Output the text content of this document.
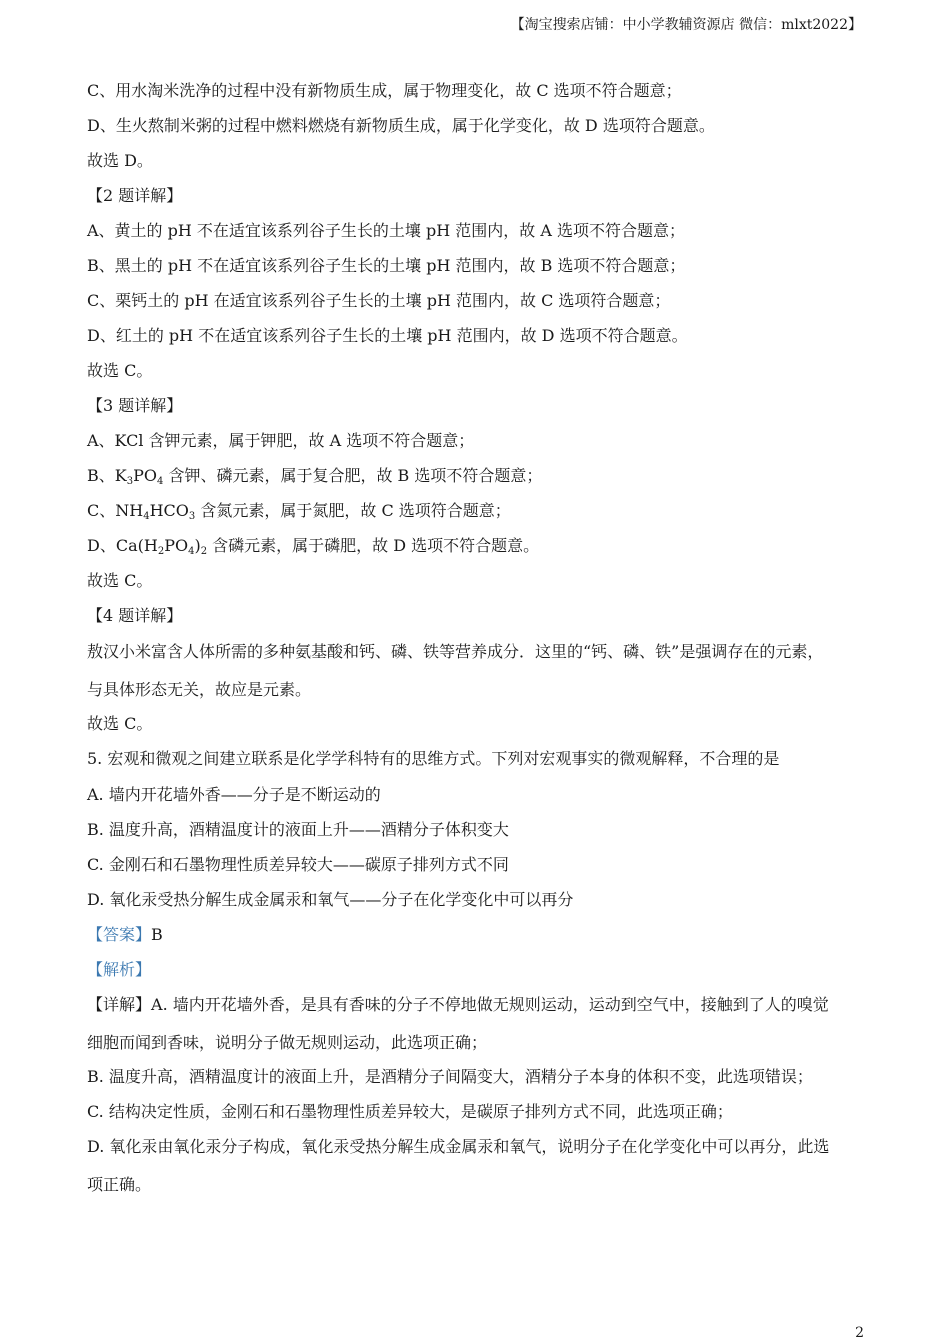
【淘宝搜索店铺：中小学教辅资源店 微信：mlxt2022】
C、用水淘米洗净的过程中没有新物质生成，属于物理变化，故 C 选项不符合题意；
D、生火熬制米粥的过程中燃料燃烧有新物质生成，属于化学变化，故 D 选项符合题意。
故选 D。
【2 题详解】
A、黄土的 pH 不在适宜该系列谷子生长的土壤 pH 范围内，故 A 选项不符合题意；
B、黑土的 pH 不在适宜该系列谷子生长的土壤 pH 范围内，故 B 选项不符合题意；
C、栗钙土的 pH 在适宜该系列谷子生长的土壤 pH 范围内，故 C 选项符合题意；
D、红土的 pH 不在适宜该系列谷子生长的土壤 pH 范围内，故 D 选项不符合题意。
故选 C。
【3 题详解】
A、KCl 含钾元素，属于钾肥，故 A 选项不符合题意；
B、$K_3PO_4$ 含钾、磷元素，属于复合肥，故 B 选项不符合题意；
C、$NH_4HCO_3$ 含氮元素，属于氮肥，故 C 选项符合题意；
D、$Ca(H_2PO_4)_2$ 含磷元素，属于磷肥，故 D 选项不符合题意。
故选 C。
【4 题详解】
敖汉小米富含人体所需的多种氨基酸和钙、磷、铁等营养成分．这里的“钙、磷、铁”是强调存在的元素，
与具体形态无关，故应是元素。
故选 C。
5. 宏观和微观之间建立联系是化学学科特有的思维方式。下列对宏观事实的微观解释，不合理的是
A. 墙内开花墙外香——分子是不断运动的
B. 温度升高，酒精温度计的液面上升——酒精分子体积变大
C. 金刚石和石墨物理性质差异较大——碳原子排列方式不同
D. 氧化汞受热分解生成金属汞和氧气——分子在化学变化中可以再分
【答案】B
【解析】
【详解】A. 墙内开花墙外香，是具有香味的分子不停地做无规则运动，运动到空气中，接触到了人的嗅觉
细胞而闻到香味，说明分子做无规则运动，此选项正确；
B. 温度升高，酒精温度计的液面上升，是酒精分子间隔变大，酒精分子本身的体积不变，此选项错误；
C. 结构决定性质，金刚石和石墨物理性质差异较大，是碳原子排列方式不同，此选项正确；
D. 氧化汞由氧化汞分子构成，氧化汞受热分解生成金属汞和氧气，说明分子在化学变化中可以再分，此选
项正确。
2
